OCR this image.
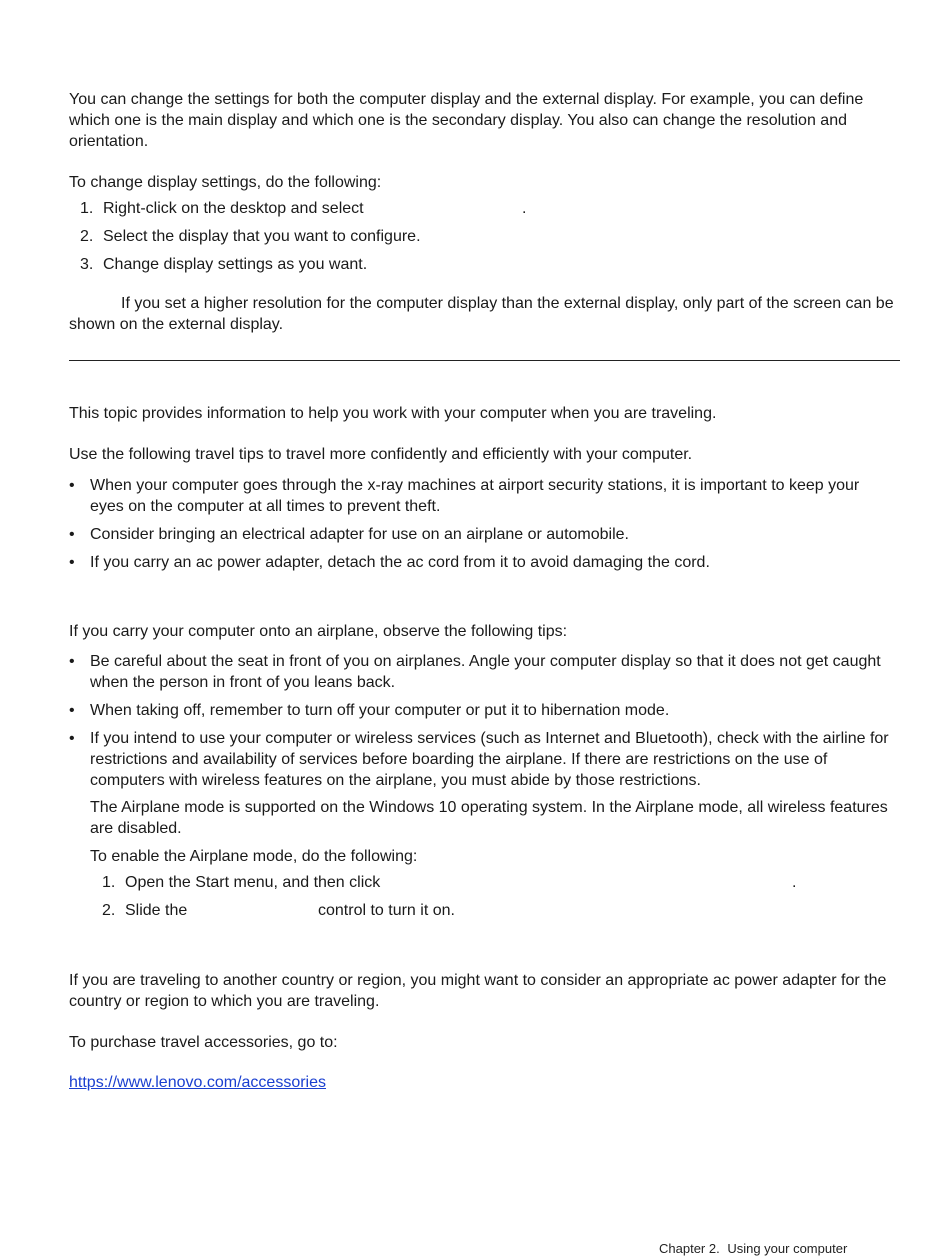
You can change the settings for both the computer display and the external display. For example, you can define which one is the main display and which one is the secondary display. You also can change the resolution and orientation.

To change display settings, do the following:

1. Right-click on the desktop and select	.
2. Select the display that you want to configure.
3. Change display settings as you want.

If you set a higher resolution for the computer display than the external display, only part of the screen can be shown on the external display.

This topic provides information to help you work with your computer when you are traveling.

Use the following travel tips to travel more confidently and efficiently with your computer.

• When your computer goes through the x-ray machines at airport security stations, it is important to keep your eyes on the computer at all times to prevent theft.

• Consider bringing an electrical adapter for use on an airplane or automobile.

• If you carry an ac power adapter, detach the ac cord from it to avoid damaging the cord.

If you carry your computer onto an airplane, observe the following tips:

• Be careful about the seat in front of you on airplanes. Angle your computer display so that it does not get caught when the person in front of you leans back.

• When taking off, remember to turn off your computer or put it to hibernation mode.

• If you intend to use your computer or wireless services (such as Internet and Bluetooth), check with the airline for restrictions and availability of services before boarding the airplane. If there are restrictions on the use of computers with wireless features on the airplane, you must abide by those restrictions.

The Airplane mode is supported on the Windows 10 operating system. In the Airplane mode, all wireless features are disabled.

To enable the Airplane mode, do the following:

1. Open the Start menu, and then click	.
2. Slide the	control to turn it on.

If you are traveling to another country or region, you might want to consider an appropriate ac power adapter for the country or region to which you are traveling.

To purchase travel accessories, go to:

https://www.lenovo.com/accessories

Chapter 2. Using your computer
